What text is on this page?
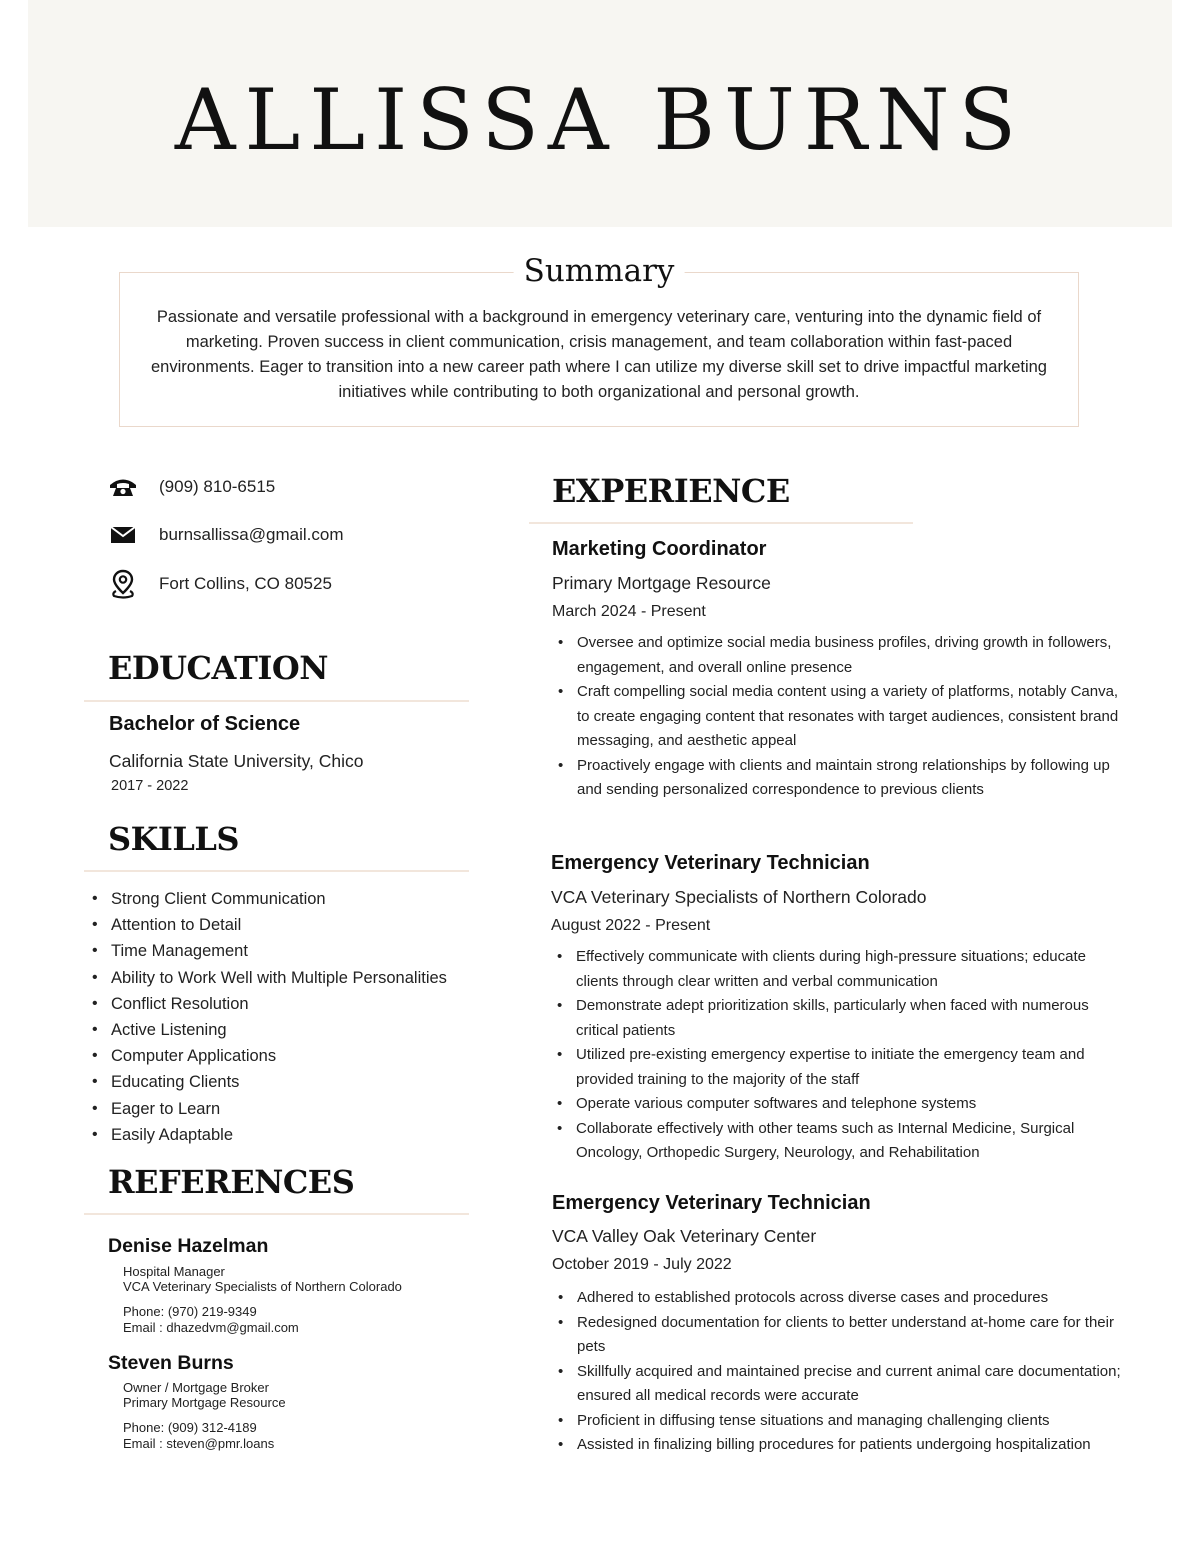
ALLISSA BURNS
Summary

Passionate and versatile professional with a background in emergency veterinary care, venturing into the dynamic field of marketing. Proven success in client communication, crisis management, and team collaboration within fast-paced environments. Eager to transition into a new career path where I can utilize my diverse skill set to drive impactful marketing initiatives while contributing to both organizational and personal growth.

(909) 810-6515
burnsallissa@gmail.com
Fort Collins, CO 80525
EDUCATION
Bachelor of Science
California State University, Chico
2017 - 2022
SKILLS
• Strong Client Communication
• Attention to Detail
• Time Management
• Ability to Work Well with Multiple Personalities
• Conflict Resolution
• Active Listening
• Computer Applications
• Educating Clients
• Eager to Learn
• Easily Adaptable
REFERENCES
Denise Hazelman
Hospital Manager
VCA Veterinary Specialists of Northern Colorado
Phone: (970) 219-9349
Email : dhazedvm@gmail.com
Steven Burns
Owner / Mortgage Broker
Primary Mortgage Resource
Phone: (909) 312-4189
Email : steven@pmr.loans
EXPERIENCE
Marketing Coordinator
Primary Mortgage Resource
March 2024 - Present
• Oversee and optimize social media business profiles, driving growth in followers, engagement, and overall online presence
• Craft compelling social media content using a variety of platforms, notably Canva, to create engaging content that resonates with target audiences, consistent brand messaging, and aesthetic appeal
• Proactively engage with clients and maintain strong relationships by following up and sending personalized correspondence to previous clients
Emergency Veterinary Technician
VCA Veterinary Specialists of Northern Colorado
August 2022 - Present
• Effectively communicate with clients during high-pressure situations; educate clients through clear written and verbal communication
• Demonstrate adept prioritization skills, particularly when faced with numerous critical patients
• Utilized pre-existing emergency expertise to initiate the emergency team and provided training to the majority of the staff
• Operate various computer softwares and telephone systems
• Collaborate effectively with other teams such as Internal Medicine, Surgical Oncology, Orthopedic Surgery, Neurology, and Rehabilitation
Emergency Veterinary Technician
VCA Valley Oak Veterinary Center
October 2019 - July 2022
• Adhered to established protocols across diverse cases and procedures
• Redesigned documentation for clients to better understand at-home care for their pets
• Skillfully acquired and maintained precise and current animal care documentation; ensured all medical records were accurate
• Proficient in diffusing tense situations and managing challenging clients
• Assisted in finalizing billing procedures for patients undergoing hospitalization
